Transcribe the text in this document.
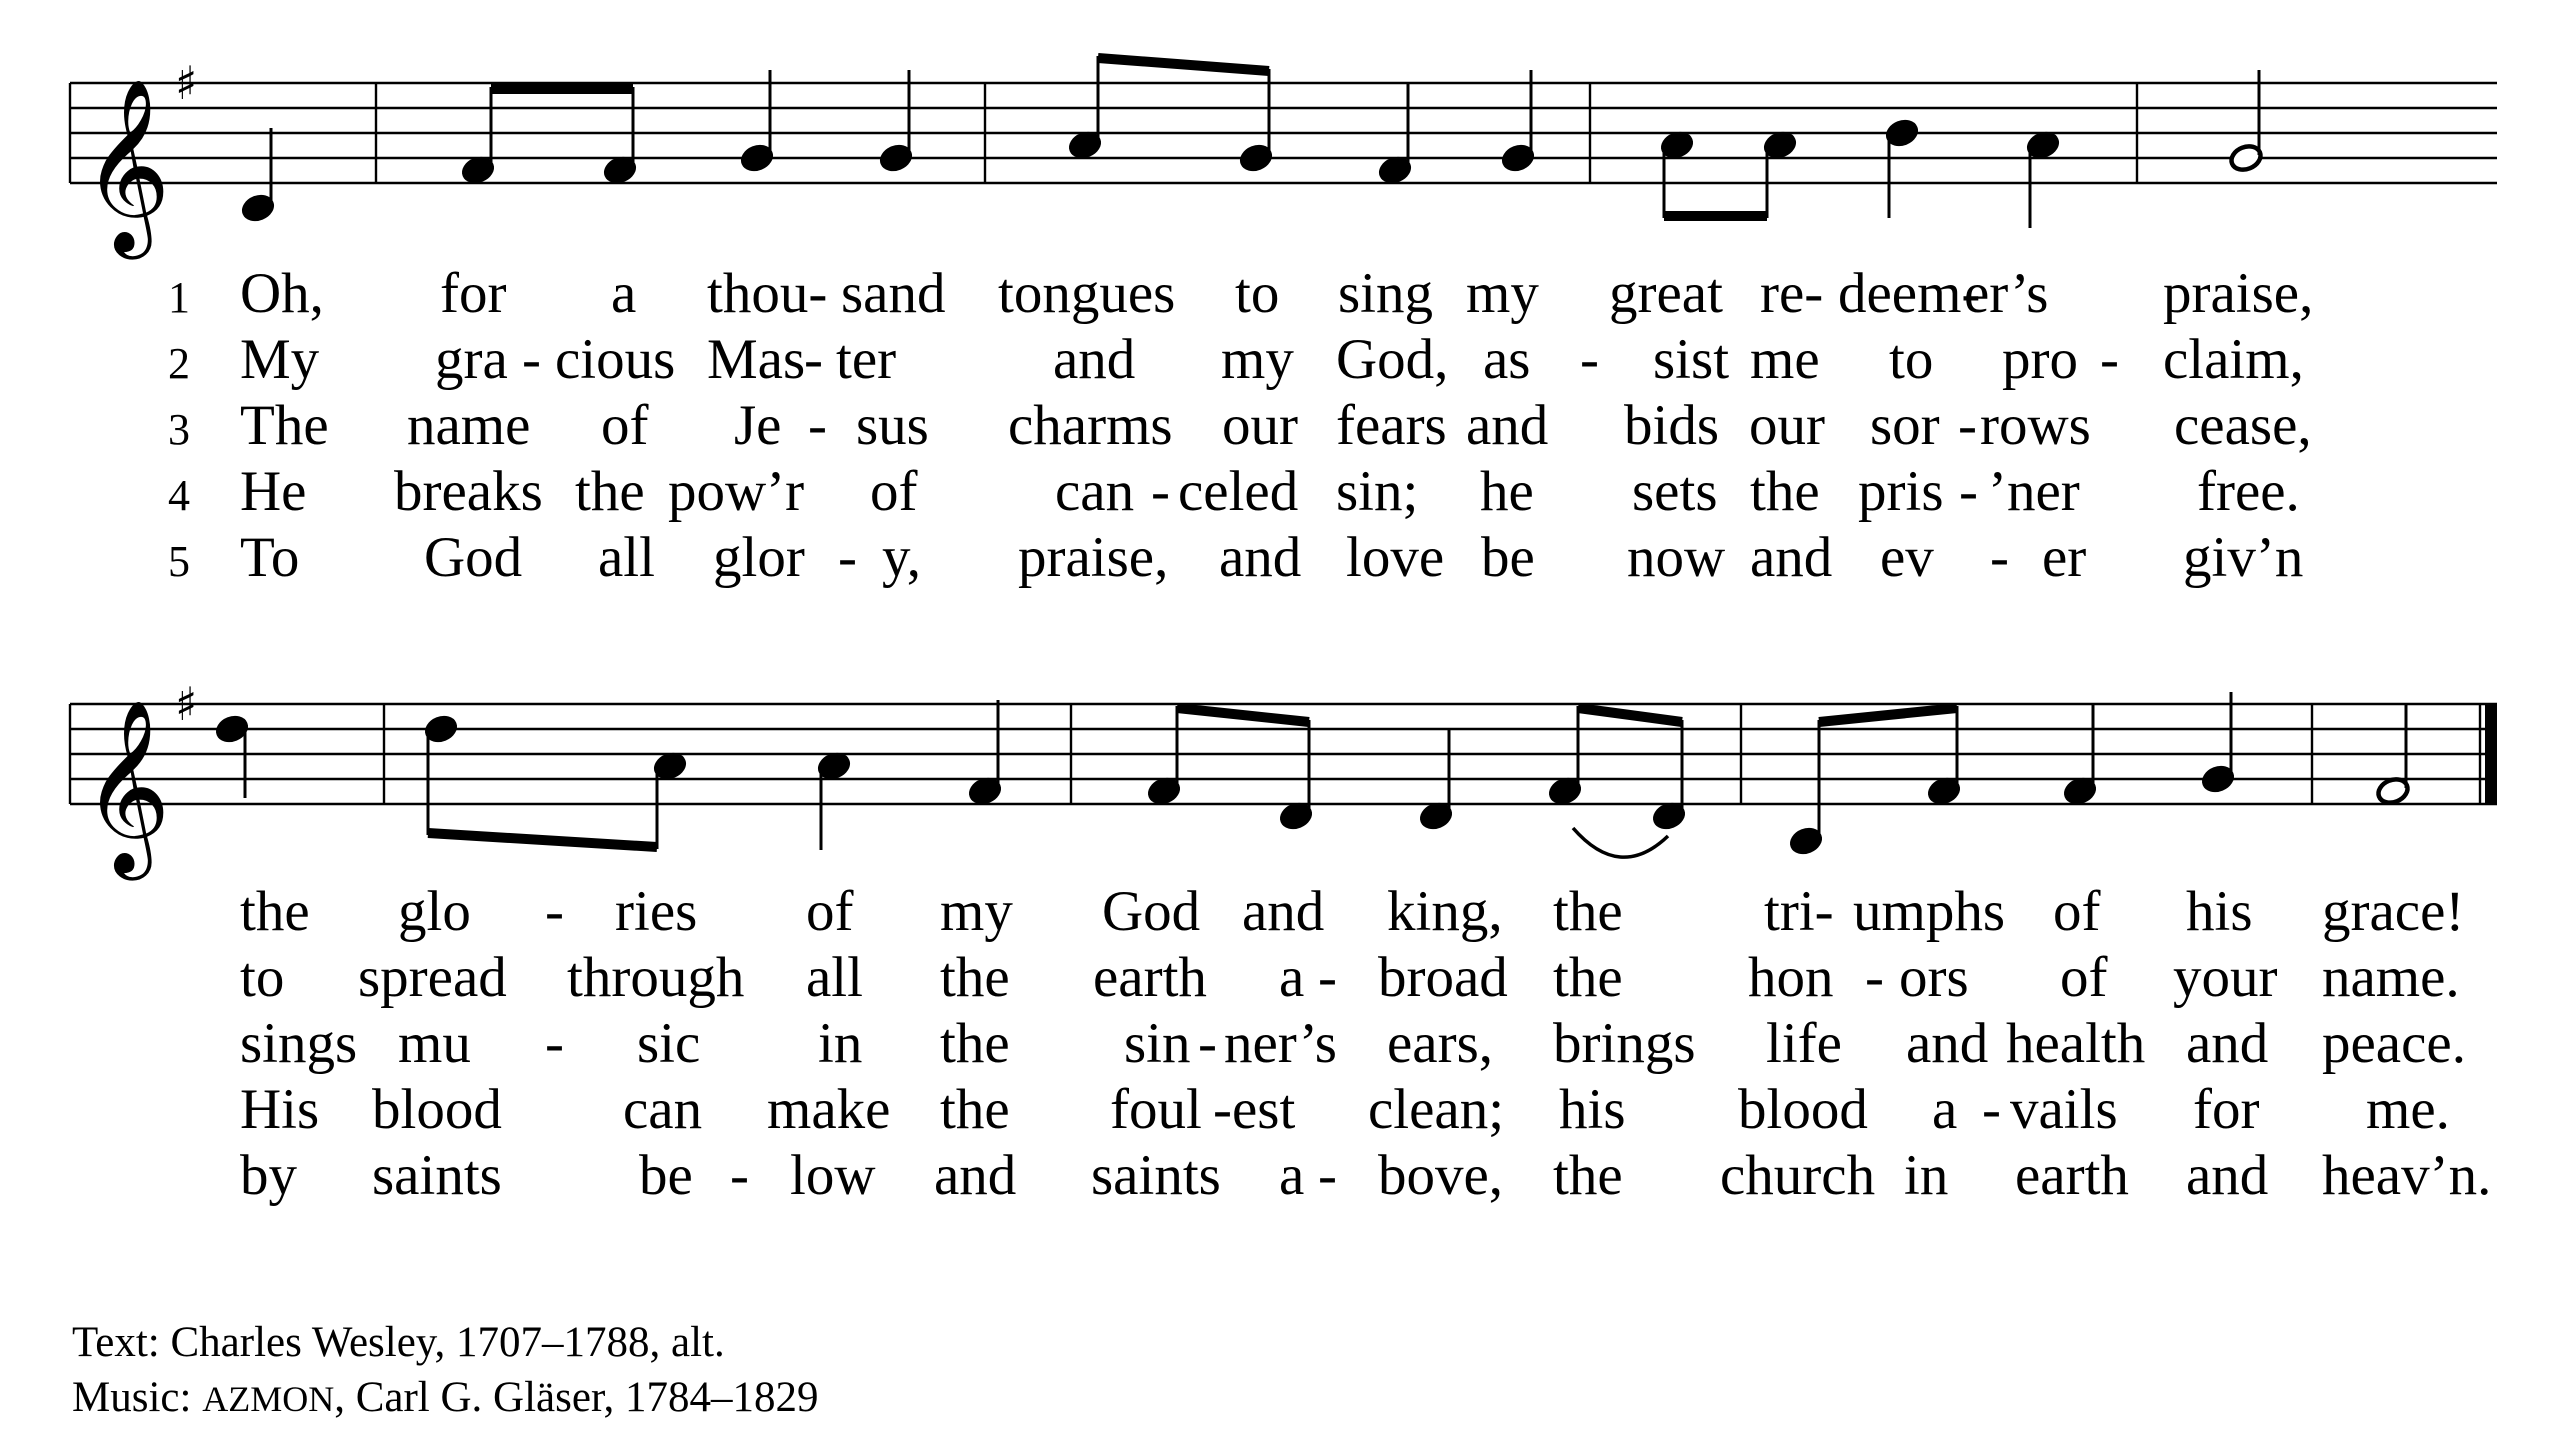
𝄞 ♯
1 Oh, for a thou- sand tongues to sing my great re- deem-
er’s praise,
2 My gra - cious Mas
- ter	and my God, as - sist me to pro - claim,
3 The name of Je - sus charms our fears and bids our sor - rows cease,
4 He breaks the pow’r of can - celed sin; he sets the pris - ’ner free.
5 To God all glor - y, praise, and love be now and ev - er giv’n
𝄞 ♯
the glo - ries of my God and king, the tri- umphs of his grace!
to spread through all the earth a - broad the hon - ors of your name.
sings mu - sic in the sin - ner’s ears, brings life and health and peace.
His blood can make the foul - est clean; his blood a - vails for me.
by saints be - low and saints a - bove, the church in earth and heav’n.
Text: Charles Wesley, 1707–1788, alt.
Music: AZMON, Carl G. Gläser, 1784–1829
